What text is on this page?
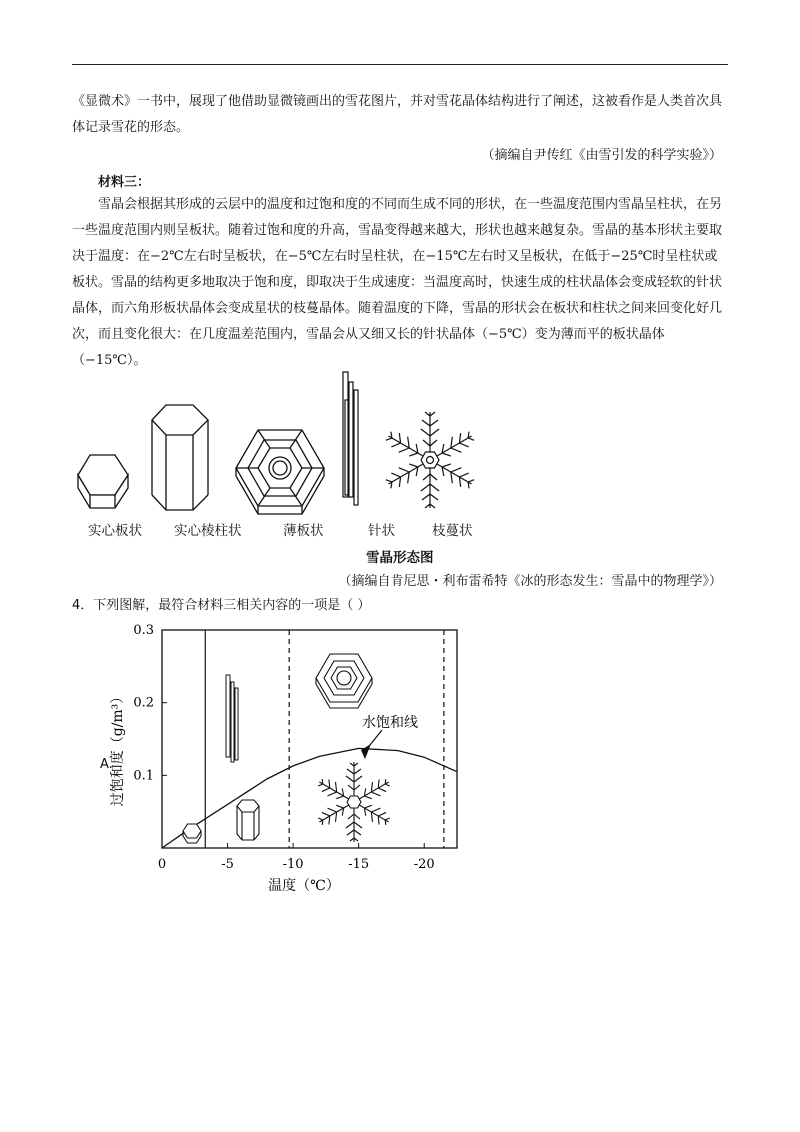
《显微术》一书中，展现了他借助显微镜画出的雪花图片，并对雪花晶体结构进行了阐述，这被看作是人类首次具体记录雪花的形态。

（摘编自尹传红《由雪引发的科学实验》）

材料三：

雪晶会根据其形成的云层中的温度和过饱和度的不同而生成不同的形状，在一些温度范围内雪晶呈柱状，在另一些温度范围内则呈板状。随着过饱和度的升高，雪晶变得越来越大，形状也越来越复杂。雪晶的基本形状主要取决于温度：在−2℃左右时呈板状，在−5℃左右时呈柱状，在−15℃左右时又呈板状，在低于−25℃时呈柱状或板状。雪晶的结构更多地取决于饱和度，即取决于生成速度：当温度高时，快速生成的柱状晶体会变成轻软的针状晶体，而六角形板状晶体会变成星状的枝蔓晶体。随着温度的下降，雪晶的形状会在板状和柱状之间来回变化好几次，而且变化很大：在几度温差范围内，雪晶会从又细又长的针状晶体（−5℃）变为薄而平的板状晶体（−15℃）。

实心板状 实心棱柱状	薄板状	针状	枝蔓状
雪晶形态图
（摘编自肯尼思・利布雷希特《冰的形态发生：雪晶中的物理学》）
4．下列图解，最符合材料三相关内容的一项是（ ）
A.
0	-5	-10	-15	-20
0.1
0.2
0.3
水饱和线
温度（℃）
过饱和度（g/m³）
